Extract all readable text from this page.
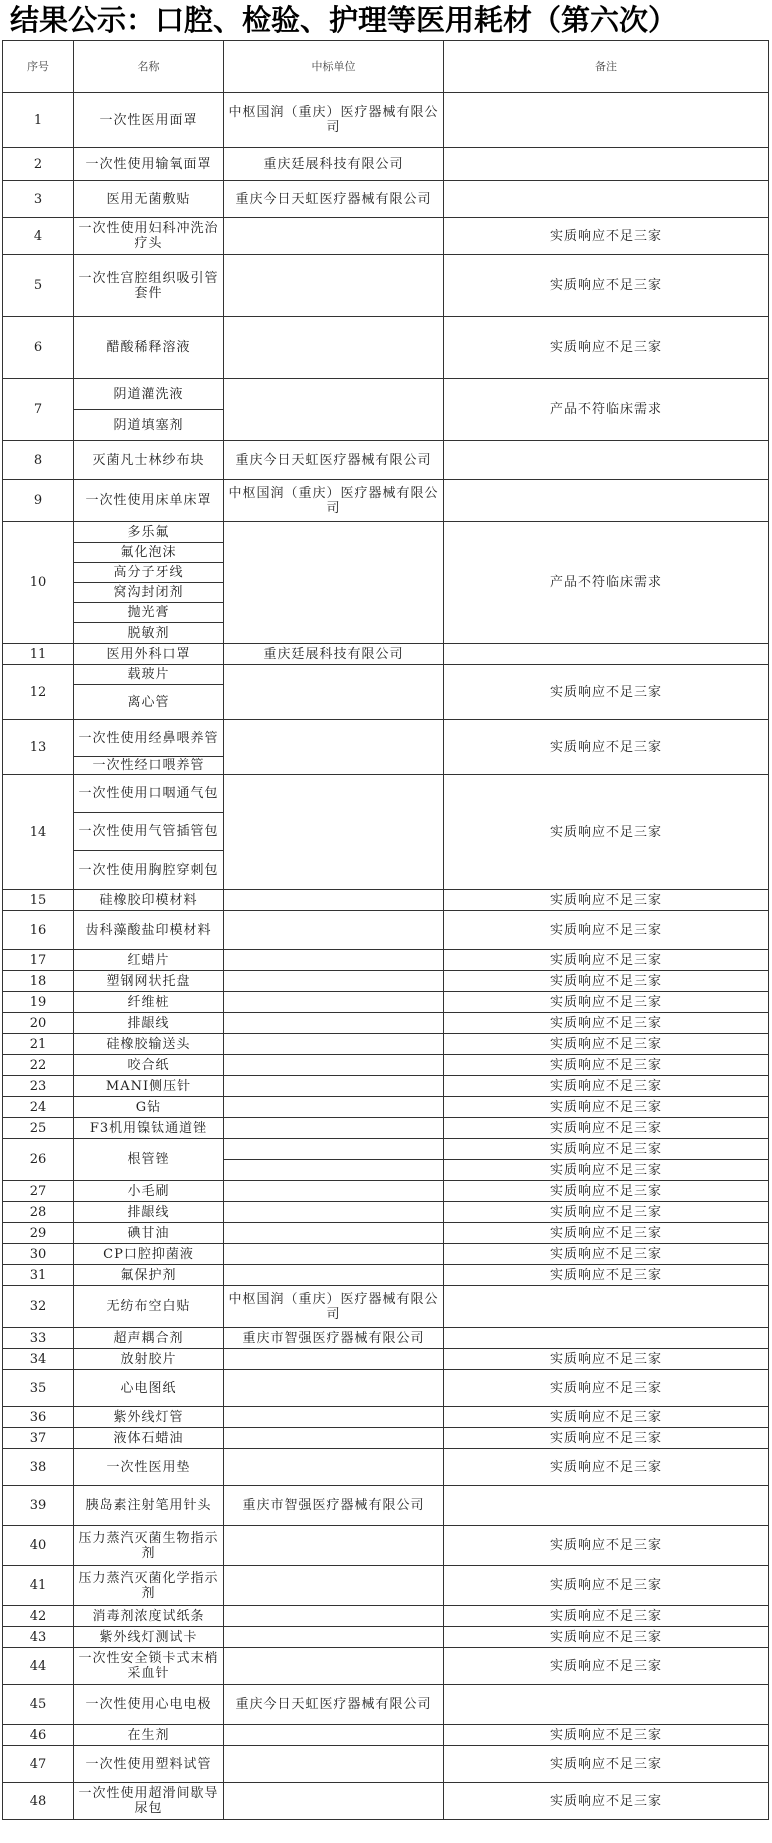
结果公示：口腔、检验、护理等医用耗材（第六次）
序号	名称	中标单位	备注
1	一次性医用面罩	中枢国润（重庆）医疗器械有限公司	
2	一次性使用输氧面罩	重庆廷展科技有限公司	
3	医用无菌敷贴	重庆今日天虹医疗器械有限公司	
4	一次性使用妇科冲洗治疗头		实质响应不足三家
5	一次性宫腔组织吸引管套件		实质响应不足三家
6	醋酸稀释溶液		实质响应不足三家
7	阴道灌洗液		产品不符临床需求
	阴道填塞剂		
8	灭菌凡士林纱布块	重庆今日天虹医疗器械有限公司	
9	一次性使用床单床罩	中枢国润（重庆）医疗器械有限公司	
10	多乐氟		产品不符临床需求
	氟化泡沫		
	高分子牙线		
	窝沟封闭剂		
	抛光膏		
	脱敏剂		
11	医用外科口罩	重庆廷展科技有限公司	
12	载玻片		实质响应不足三家
	离心管		
13	一次性使用经鼻喂养管		实质响应不足三家
	一次性经口喂养管		
14	一次性使用口咽通气包		实质响应不足三家
	一次性使用气管插管包		
	一次性使用胸腔穿刺包		
15	硅橡胶印模材料		实质响应不足三家
16	齿科藻酸盐印模材料		实质响应不足三家
17	红蜡片		实质响应不足三家
18	塑钢网状托盘		实质响应不足三家
19	纤维桩		实质响应不足三家
20	排龈线		实质响应不足三家
21	硅橡胶输送头		实质响应不足三家
22	咬合纸		实质响应不足三家
23	MANI侧压针		实质响应不足三家
24	G钻		实质响应不足三家
25	F3机用镍钛通道锉		实质响应不足三家
26	根管锉		实质响应不足三家
			实质响应不足三家
27	小毛刷		实质响应不足三家
28	排龈线		实质响应不足三家
29	碘甘油		实质响应不足三家
30	CP口腔抑菌液		实质响应不足三家
31	氟保护剂		实质响应不足三家
32	无纺布空白贴	中枢国润（重庆）医疗器械有限公司	
33	超声耦合剂	重庆市智强医疗器械有限公司	
34	放射胶片		实质响应不足三家
35	心电图纸		实质响应不足三家
36	紫外线灯管		实质响应不足三家
37	液体石蜡油		实质响应不足三家
38	一次性医用垫		实质响应不足三家
39	胰岛素注射笔用针头	重庆市智强医疗器械有限公司	
40	压力蒸汽灭菌生物指示剂		实质响应不足三家
41	压力蒸汽灭菌化学指示剂		实质响应不足三家
42	消毒剂浓度试纸条		实质响应不足三家
43	紫外线灯测试卡		实质响应不足三家
44	一次性安全锁卡式末梢采血针		实质响应不足三家
45	一次性使用心电电极	重庆今日天虹医疗器械有限公司	
46	在生剂		实质响应不足三家
47	一次性使用塑料试管		实质响应不足三家
48	一次性使用超滑间歇导尿包		实质响应不足三家
